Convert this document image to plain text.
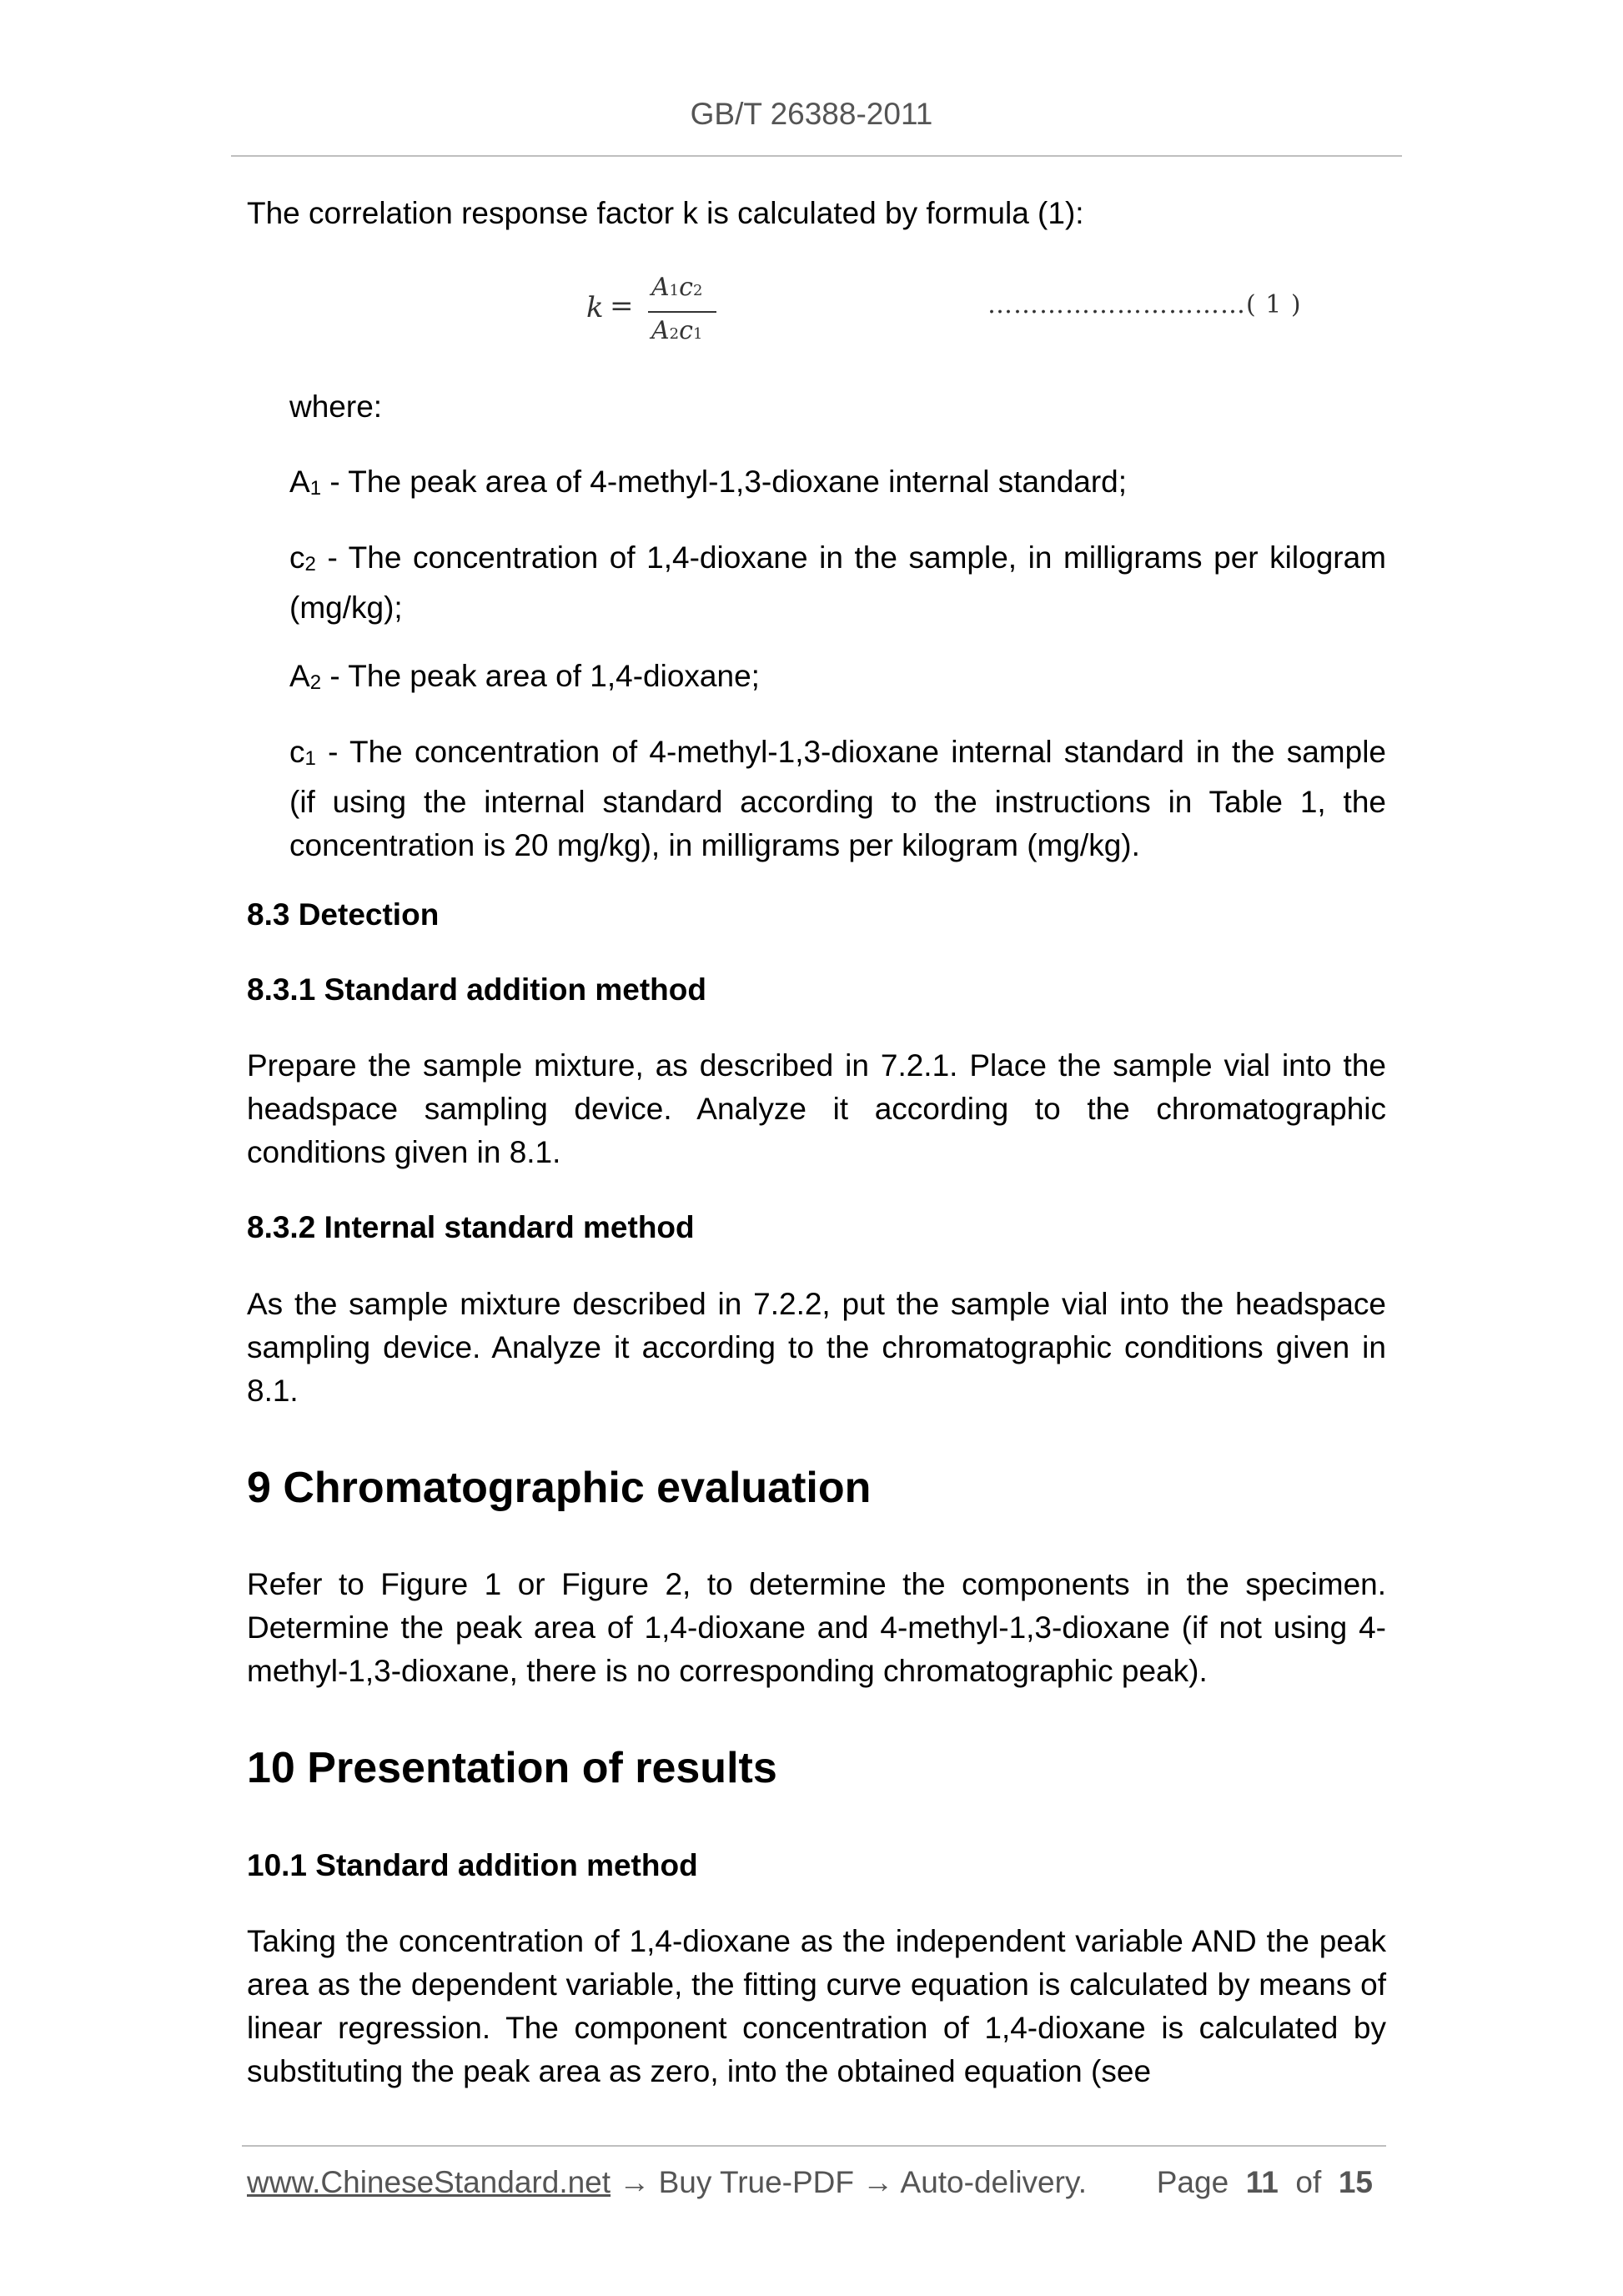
GB/T 26388-2011
The correlation response factor k is calculated by formula (1):
where:
A1 - The peak area of 4-methyl-1,3-dioxane internal standard;
c2 - The concentration of 1,4-dioxane in the sample, in milligrams per kilogram (mg/kg);
A2 - The peak area of 1,4-dioxane;
c1 - The concentration of 4-methyl-1,3-dioxane internal standard in the sample (if using the internal standard according to the instructions in Table 1, the concentration is 20 mg/kg), in milligrams per kilogram (mg/kg).
8.3 Detection
8.3.1 Standard addition method
Prepare the sample mixture, as described in 7.2.1. Place the sample vial into the headspace sampling device. Analyze it according to the chromatographic conditions given in 8.1.
8.3.2 Internal standard method
As the sample mixture described in 7.2.2, put the sample vial into the headspace sampling device. Analyze it according to the chromatographic conditions given in 8.1.
9 Chromatographic evaluation
Refer to Figure 1 or Figure 2, to determine the components in the specimen. Determine the peak area of 1,4-dioxane and 4-methyl-1,3-dioxane (if not using 4-methyl-1,3-dioxane, there is no corresponding chromatographic peak).
10 Presentation of results
10.1 Standard addition method
Taking the concentration of 1,4-dioxane as the independent variable AND the peak area as the dependent variable, the fitting curve equation is calculated by means of linear regression. The component concentration of 1,4-dioxane is calculated by substituting the peak area as zero, into the obtained equation (see
k =
A1c2
A2c1
…………………………( 1 )
www.ChineseStandard.net → Buy True-PDF → Auto-delivery. Page 11 of 15
